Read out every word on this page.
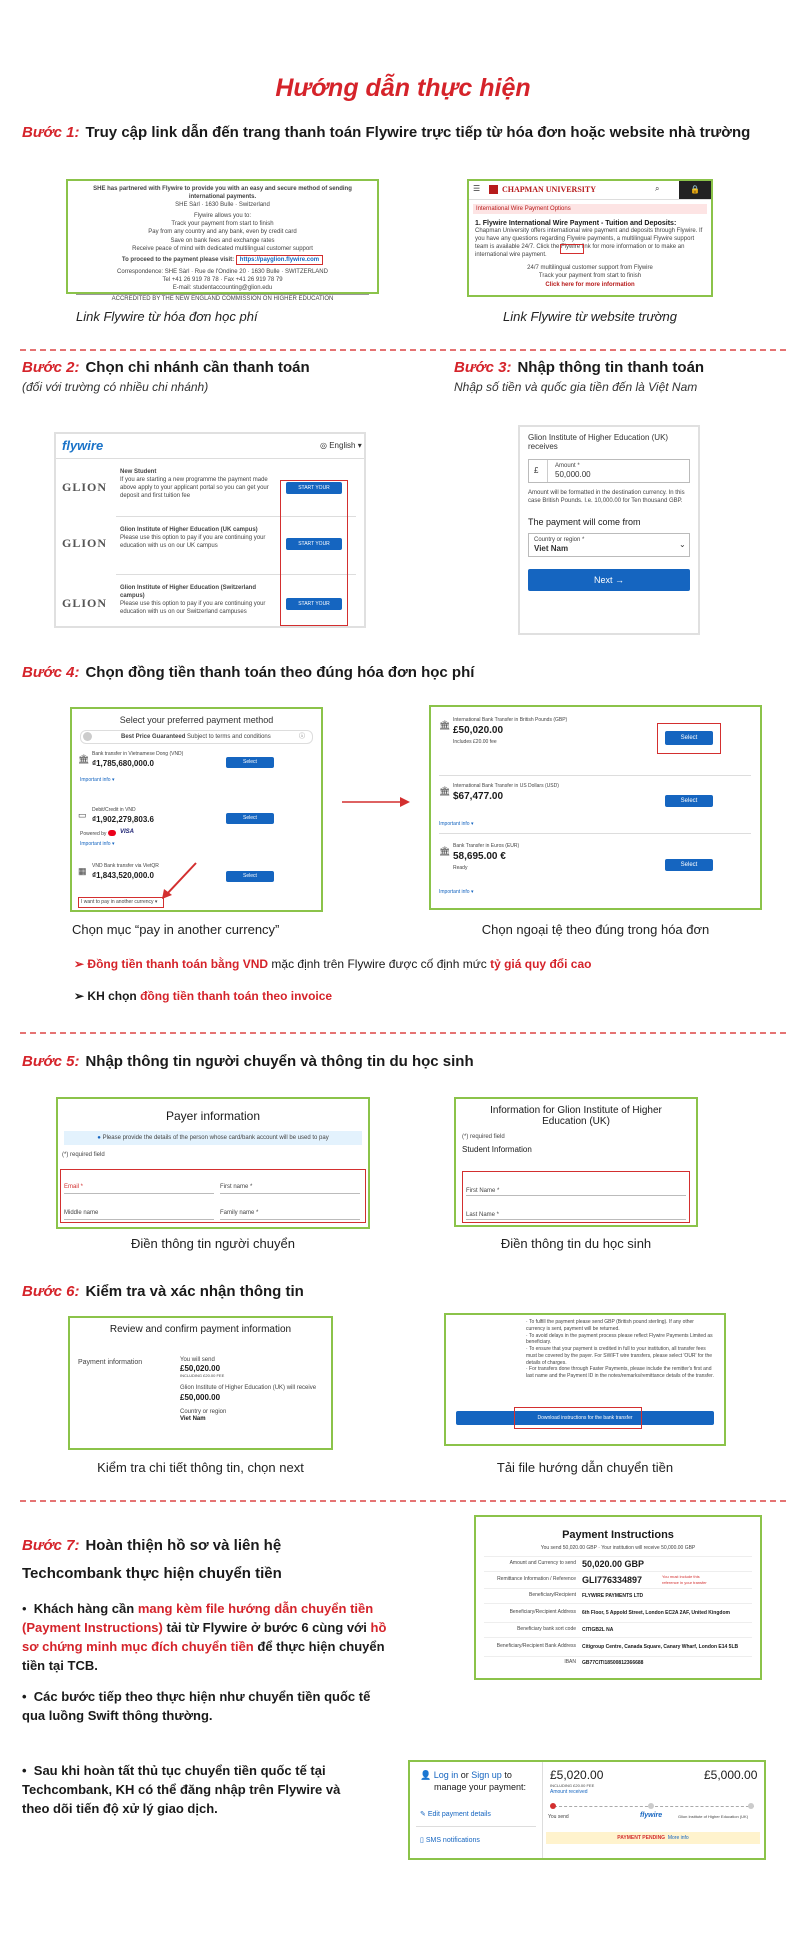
Hướng dẫn thực hiện
Bước 1: Truy cập link dẫn đến trang thanh toán Flywire trực tiếp từ hóa đơn hoặc website nhà trường
SHE has partnered with Flywire to provide you with an easy and secure method of sending international payments.
SHE Sàrl · 1630 Bulle · Switzerland
Flywire allows you to:
Track your payment from start to finish
Pay from any country and any bank, even by credit card
Save on bank fees and exchange rates
Receive peace of mind with dedicated multilingual customer support
To proceed to the payment please visit: https://payglion.flywire.com
Correspondence: SHE Sàrl · Rue de l'Ondine 20 · 1630 Bulle · SWITZERLAND
Tel +41 26 919 78 78 · Fax +41 26 919 78 79
E-mail: studentaccounting@glion.edu
ACCREDITED BY THE NEW ENGLAND COMMISSION ON HIGHER EDUCATION
☰	CHAPMAN UNIVERSITY	⌕	🔒
International Wire Payment Options
1. Flywire International Wire Payment - Tuition and Deposits:
Chapman University offers international wire payment and deposits through Flywire. If you have any questions regarding Flywire payments, a multilingual Flywire support team is available 24/7. Click the Flywire link for more information or to make an international wire payment.
24/7 multilingual customer support from Flywire
Track your payment from start to finish
Click here for more information
Link Flywire từ hóa đơn học phí	Link Flywire từ website trường
Bước 2: Chọn chi nhánh cần thanh toán
(đối với trường có nhiều chi nhánh)
Bước 3: Nhập thông tin thanh toán
Nhập số tiền và quốc gia tiền đến là Việt Nam
flywire	◎ English ▾
GLION
New Student
If you are starting a new programme the payment made above apply to your applicant portal so you can get your deposit and first tuition fee
START YOUR PAYMENT
GLION
Glion Institute of Higher Education (UK campus)
Please use this option to pay if you are continuing your education with us on our UK campus	START YOUR PAYMENT
GLION
Glion Institute of Higher Education (Switzerland campus)
Please use this option to pay if you are continuing your education with us on our Switzerland campuses
START YOUR PAYMENT
Glion Institute of Higher Education (UK)
receives
£	Amount *
50,000.00
Amount will be formatted in the destination currency. In this case British Pounds. I.e. 10,000.00 for Ten thousand GBP.
The payment will come from
Country or region *
Viet Nam	⌄
Next →
Bước 4: Chọn đồng tiền thanh toán theo đúng hóa đơn học phí
Select your preferred payment method
Best Price Guaranteed Subject to terms and conditions	ⓘ
🏛 Bank transfer in Vietnamese Dong (VND)
₫1,785,680,000.0	Select
Important info ▾
▭ Debit/Credit in VND
₫1,902,279,803.6	Select
Powered by VISA
Important info ▾
▦ VND Bank transfer via VietQR
₫1,843,520,000.0	Select
I want to pay in another currency ▾
🏛 International Bank Transfer in British Pounds (GBP)
£50,020.00
Includes £20.00 fee
Select
🏛 International Bank Transfer in US Dollars (USD)
$67,477.00	Select
Important info ▾
🏛 Bank Transfer in Euros (EUR)
58,695.00 €
Ready	Select
Important info ▾
Chọn mục “pay in another currency”	Chọn ngoại tệ theo đúng trong hóa đơn
➢ Đồng tiền thanh toán bằng VND mặc định trên Flywire được cố định mức tỷ giá quy đổi cao
➢ KH chọn đồng tiền thanh toán theo invoice
Bước 5: Nhập thông tin người chuyển và thông tin du học sinh
Payer information
● Please provide the details of the person whose card/bank account will be used to pay
(*) required field
Email *	First name *
Middle name	Family name *
Information for Glion Institute of Higher
Education (UK)
(*) required field
Student Information
First Name *
Last Name *
Điền thông tin người chuyển	Điền thông tin du học sinh
Bước 6: Kiểm tra và xác nhận thông tin
Review and confirm payment information
Payment information	You will send
£50,020.00
INCLUDING £20.00 FEE
Glion Institute of Higher Education (UK) will receive
£50,000.00
Country or region
Viet Nam
· To fulfill the payment please send GBP (British pound sterling). If any other currency is sent, payment will be returned.
· To avoid delays in the payment process please reflect Flywire Payments Limited as beneficiary.
· To ensure that your payment is credited in full to your institution, all transfer fees must be covered by the payer. For SWIFT wire transfers, please select 'OUR' for the details of charges.
· For transfers done through Faster Payments, please include the remitter's first and last name and the Payment ID in the notes/remarks/remittance details of the transfer.
Download instructions for the bank transfer
Kiểm tra chi tiết thông tin, chọn next	Tải file hướng dẫn chuyển tiền
Bước 7: Hoàn thiện hồ sơ và liên hệ
Techcombank thực hiện chuyển tiền
•  Khách hàng cần mang kèm file hướng dẫn chuyển tiền (Payment Instructions) tải từ Flywire ở bước 6 cùng với hồ sơ chứng minh mục đích chuyển tiền để thực hiện chuyển tiền tại TCB.
•  Các bước tiếp theo thực hiện như chuyển tiền quốc tế qua luồng Swift thông thường.
•  Sau khi hoàn tất thủ tục chuyển tiền quốc tế tại Techcombank, KH có thể đăng nhập trên Flywire và theo dõi tiến độ xử lý giao dịch.
Payment Instructions
You send 50,020.00 GBP · Your institution will receive 50,000.00 GBP
Amount and Currency to send 50,020.00 GBP
Remittance Information / Reference GLI776334897	You must include this reference in your transfer
Beneficiary/Recipient	FLYWIRE PAYMENTS LTD
Beneficiary/Recipient Address	6th Floor, 5 Appold Street, London EC2A 2AF, United Kingdom
Beneficiary bank sort code	CITIGB2L NA
Beneficiary/Recipient Bank Address	Citigroup Centre, Canada Square, Canary Wharf, London E14 5LB
IBAN	GB77CITI18500812366688
👤 Log in or Sign up to
manage your payment:
✎ Edit payment details
▯ SMS notifications
£5,020.00
INCLUDING £20.00 FEE
Amount received
£5,000.00
You send	flywire	Glion Institute of Higher Education (UK)
PAYMENT PENDING More info
